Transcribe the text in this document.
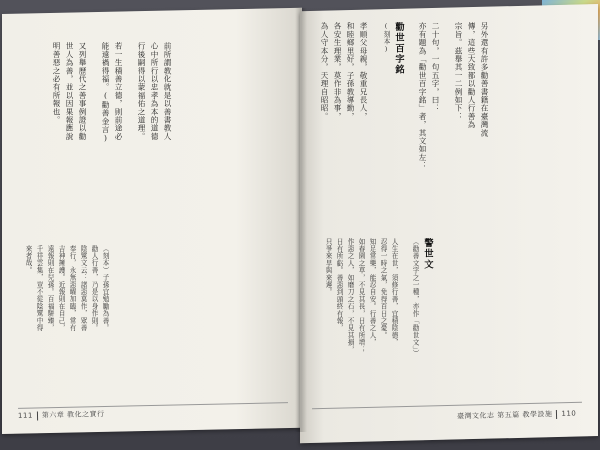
前所謂教化就是以善書教人
心中所行以忠孝為本的道德
行後嗣得以蒙福佑之道理。
若一生積善立德，則前途必
能遠禍得福。(勸善金言)
又列舉歷代之善事例證以勸
世人為善，並以因果報應說
明善惡之必有所報也。
（刻本）子孫宜勉勵為善。
勸人行善，乃是以身作則。
陰騭文云：諸惡莫作，眾善
奉行，永無惡曜加臨，常有
吉神擁護。近報則在自己，
遠報則在兒孫。百福駢臻，
千祥雲集，豈不從陰騭中得
來者哉。
另外還有許多勸善書籍在臺灣流
傳，這些大致都以勸人行善為
宗旨。茲舉其一二例如下：
二十句，一句五字，曰：
亦有題為「勸世百字銘」者，其文如左：
勸世百字銘
(刻本)
孝順父母親，敬重兄長人，
和睦鄉里好，子孫教導勤，
各安生理業，莫作非為事，
為人守本分，天理自昭昭。
警世文
（勸善文字之一種，亦作「勸世文」）
人生在世，須修行善，宜積陰德，
忍得一時之氣，免得百日之憂。
知足常樂，能忍自安。行善之人，
如春園之草，不見其長，日有所增；
作惡之人，如磨刀之石，不見其損，
日有所虧。善惡到頭終有報，
只爭來早與來遲。
111 第六章 教化之實行	臺灣文化志 第五篇 教學設施 110
